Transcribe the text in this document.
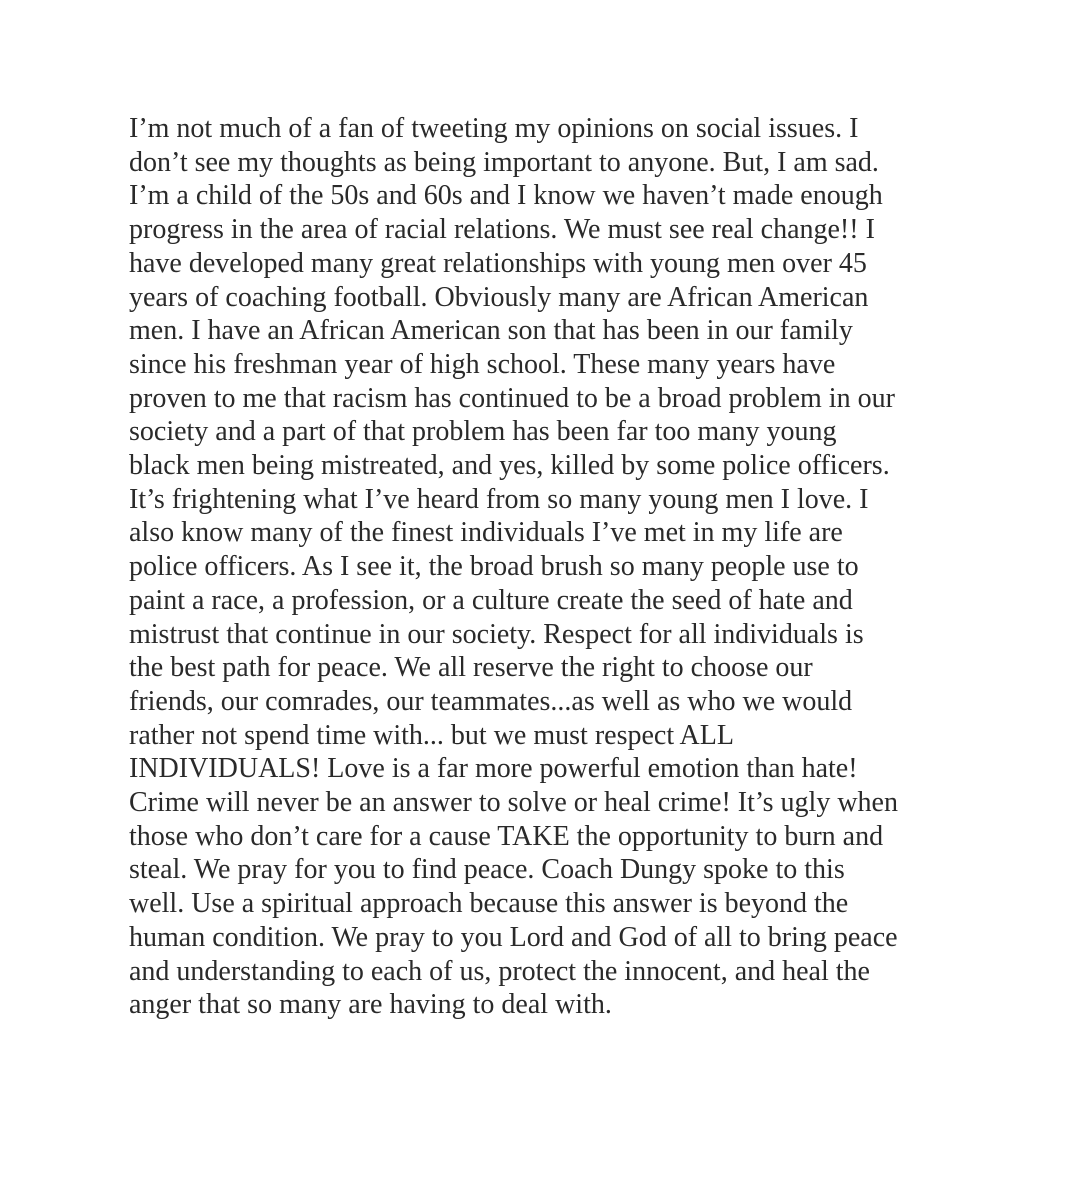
I’m not much of a fan of tweeting my opinions on social issues. I
don’t see my thoughts as being important to anyone. But, I am sad.
I’m a child of the 50s and 60s and I know we haven’t made enough
progress in the area of racial relations. We must see real change!! I
have developed many great relationships with young men over 45
years of coaching football. Obviously many are African American
men. I have an African American son that has been in our family
since his freshman year of high school. These many years have
proven to me that racism has continued to be a broad problem in our
society and a part of that problem has been far too many young
black men being mistreated, and yes, killed by some police officers.
It’s frightening what I’ve heard from so many young men I love. I
also know many of the finest individuals I’ve met in my life are
police officers. As I see it, the broad brush so many people use to
paint a race, a profession, or a culture create the seed of hate and
mistrust that continue in our society. Respect for all individuals is
the best path for peace. We all reserve the right to choose our
friends, our comrades, our teammates...as well as who we would
rather not spend time with... but we must respect ALL
INDIVIDUALS! Love is a far more powerful emotion than hate!
Crime will never be an answer to solve or heal crime! It’s ugly when
those who don’t care for a cause TAKE the opportunity to burn and
steal. We pray for you to find peace. Coach Dungy spoke to this
well. Use a spiritual approach because this answer is beyond the
human condition. We pray to you Lord and God of all to bring peace
and understanding to each of us, protect the innocent, and heal the
anger that so many are having to deal with.
